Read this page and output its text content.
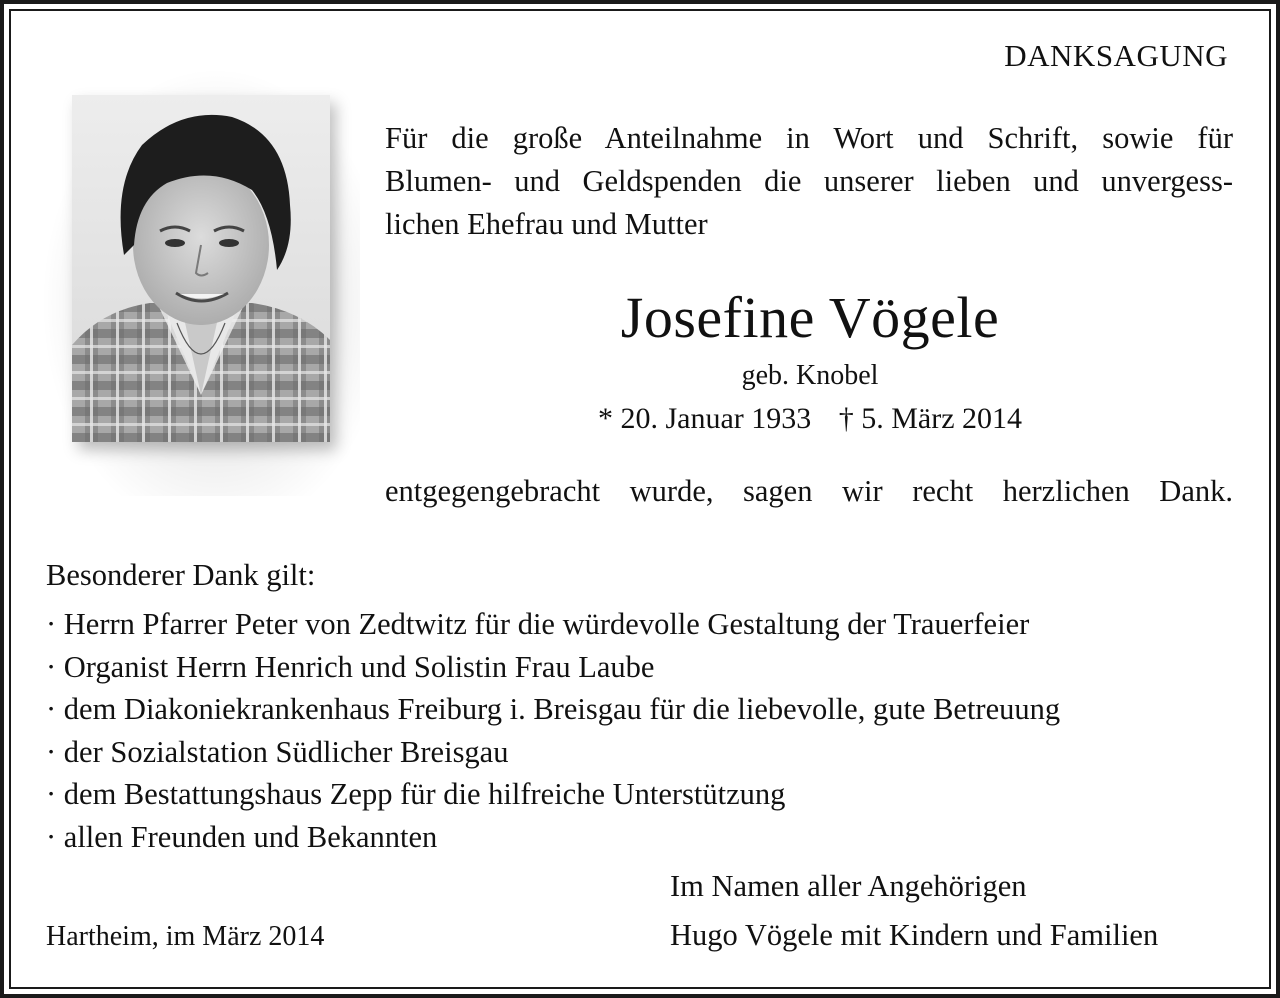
DANKSAGUNG
Für die große Anteilnahme in Wort und Schrift, sowie für
Blumen- und Geldspenden die unserer lieben und unvergess-
lichen Ehefrau und Mutter
Josefine Vögele
geb. Knobel
* 20. Januar 1933 † 5. März 2014
entgegengebracht wurde, sagen wir recht herzlichen Dank.
Besonderer Dank gilt:
· Herrn Pfarrer Peter von Zedtwitz für die würdevolle Gestaltung der Trauerfeier
· Organist Herrn Henrich und Solistin Frau Laube
· dem Diakoniekrankenhaus Freiburg i. Breisgau für die liebevolle, gute Betreuung
· der Sozialstation Südlicher Breisgau
· dem Bestattungshaus Zepp für die hilfreiche Unterstützung
· allen Freunden und Bekannten
Im Namen aller Angehörigen
Hugo Vögele mit Kindern und Familien
Hartheim, im März 2014
